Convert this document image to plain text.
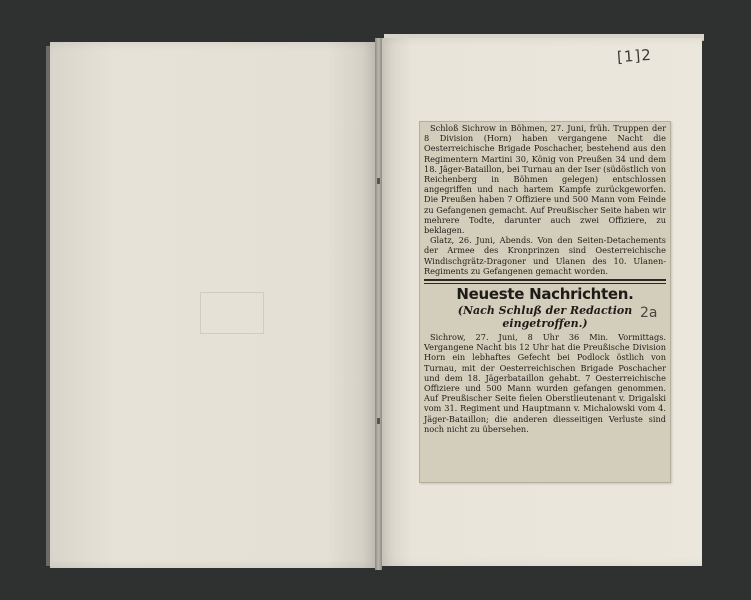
[1]2

Schloß Sichrow in Böhmen, 27. Juni, früh. Truppen der 8 Division (Horn) haben vergangene Nacht die Oesterreichische Brigade Poschacher, bestehend aus den Regimentern Martini 30, König von Preußen 34 und dem 18. Jäger-Bataillon, bei Turnau an der Iser (südöstlich von Reichenberg in Böhmen gelegen) entschlossen angegriffen und nach hartem Kampfe zurückgeworfen. Die Preußen haben 7 Offiziere und 500 Mann vom Feinde zu Gefangenen gemacht. Auf Preußischer Seite haben wir mehrere Todte, darunter auch zwei Offiziere, zu beklagen.

Glatz, 26. Juni, Abends. Von den Seiten-Detachements der Armee des Kronprinzen sind Oesterreichische Windischgrätz-Dragoner und Ulanen des 10. Ulanen-Regiments zu Gefangenen gemacht worden.

Neueste Nachrichten.
(Nach Schluß der Redaction eingetroffen.)

Sichrow, 27. Juni, 8 Uhr 36 Min. Vormittags. Vergangene Nacht bis 12 Uhr hat die Preußische Division Horn ein lebhaftes Gefecht bei Podlock östlich von Turnau, mit der Oesterreichischen Brigade Poschacher und dem 18. Jägerbataillon gehabt. 7 Oesterreichische Offiziere und 500 Mann wurden gefangen genommen. Auf Preußischer Seite fielen Oberstlieutenant v. Drigalski vom 31. Regiment und Hauptmann v. Michalowski vom 4. Jäger-Bataillon; die anderen diesseitigen Verluste sind noch nicht zu übersehen.

2a
